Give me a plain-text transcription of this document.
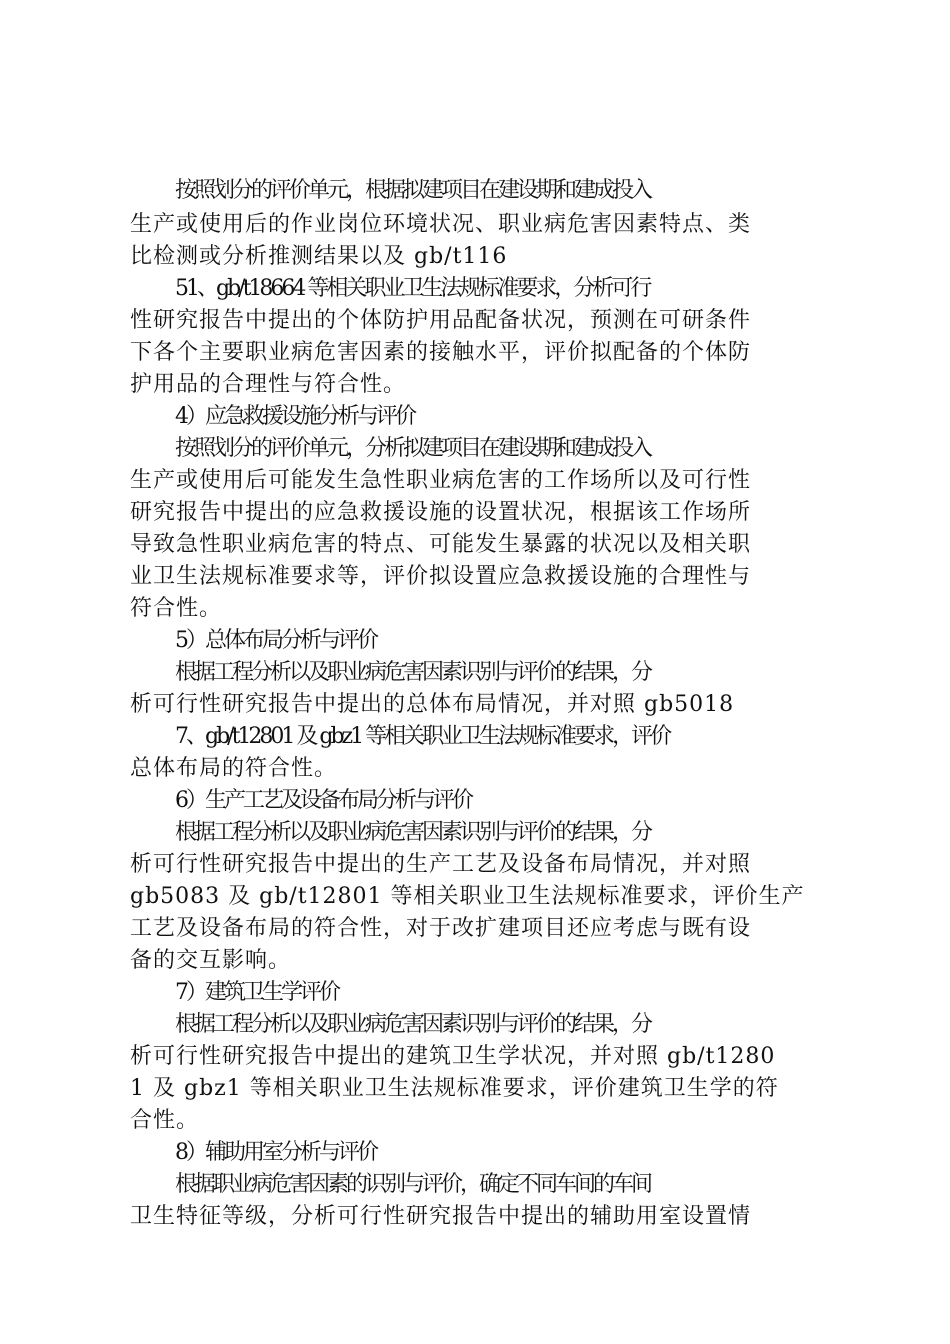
按照划分的评价单元，根据拟建项目在建设期和建成投入
生产或使用后的作业岗位环境状况、职业病危害因素特点、类
比检测或分析推测结果以及 gb/t116
51、gb/t18664 等相关职业卫生法规标准要求，分析可行
性研究报告中提出的个体防护用品配备状况，预测在可研条件
下各个主要职业病危害因素的接触水平，评价拟配备的个体防
护用品的合理性与符合性。
4）应急救援设施分析与评价
按照划分的评价单元，分析拟建项目在建设期和建成投入
生产或使用后可能发生急性职业病危害的工作场所以及可行性
研究报告中提出的应急救援设施的设置状况，根据该工作场所
导致急性职业病危害的特点、可能发生暴露的状况以及相关职
业卫生法规标准要求等，评价拟设置应急救援设施的合理性与
符合性。
5）总体布局分析与评价
根据工程分析以及职业病危害因素识别与评价的结果，分
析可行性研究报告中提出的总体布局情况，并对照 gb5018
7、gb/t12801 及 gbz1 等相关职业卫生法规标准要求，评价
总体布局的符合性。
6）生产工艺及设备布局分析与评价
根据工程分析以及职业病危害因素识别与评价的结果，分
析可行性研究报告中提出的生产工艺及设备布局情况，并对照
gb5083 及 gb/t12801 等相关职业卫生法规标准要求，评价生产
工艺及设备布局的符合性，对于改扩建项目还应考虑与既有设
备的交互影响。
7）建筑卫生学评价
根据工程分析以及职业病危害因素识别与评价的结果，分
析可行性研究报告中提出的建筑卫生学状况，并对照 gb/t1280
1 及 gbz1 等相关职业卫生法规标准要求，评价建筑卫生学的符
合性。
8）辅助用室分析与评价
根据职业病危害因素的识别与评价，确定不同车间的车间
卫生特征等级，分析可行性研究报告中提出的辅助用室设置情
